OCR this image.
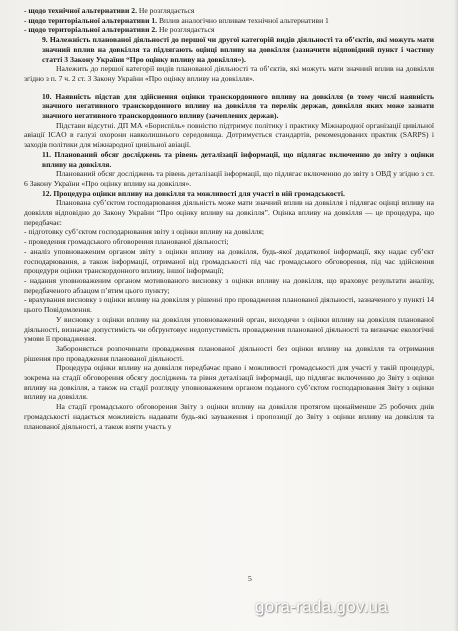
- щодо технічної альтернативи 2. Не розглядається

- щодо територіальної альтернативи 1. Вплив аналогічно впливам технічної альтернативи 1

- щодо територіальної альтернативи 2. Не розглядається

9. Належність планованої діяльності до першої чи другої категорій видів діяльності та об’єктів, які можуть мати значний вплив на довкілля та підлягають оцінці впливу на довкілля (зазначити відповідний пункт і частину статті 3 Закону України “Про оцінку впливу на довкілля»).

Належить до першої категорії видів планованої діяльності та об’єктів, які можуть мати значний вплив на довкілля згідно з п. 7 ч. 2 ст. 3 Закону України «Про оцінку впливу на довкілля».

10. Наявність підстав для здійснення оцінки транскордонного впливу на довкілля (в тому числі наявність значного негативного транскордонного впливу на довкілля та перелік держав, довкілля яких може зазнати значного негативного транскордонного впливу (зачеплених держав).

Підстави відсутні. ДП МА «Бориспіль» повністю підтримує політику і практику Міжнародної організації цивільної авіації ICAO в галузі охорони навколишнього середовища. Дотримується стандартів, рекомендованих практик (SARPS) і заходів політики для міжнародної цивільної авіації.

11. Планований обсяг досліджень та рівень деталізації інформації, що підлягає включенню до звіту з оцінки впливу на довкілля.

Планований обсяг досліджень та рівень деталізації інформації, що підлягає включенню до звіту з ОВД у згідно з ст. 6 Закону України «Про оцінку впливу на довкілля».

12. Процедура оцінки впливу на довкілля та можливості для участі в ній громадськості.

Планована суб’єктом господарювання діяльність може мати значний вплив на довкілля і підлягає оцінці впливу на довкілля відповідно до Закону України “Про оцінку впливу на довкілля”. Оцінка впливу на довкілля — це процедура, що передбачає:

- підготовку суб’єктом господарювання звіту з оцінки впливу на довкілля;

- проведення громадського обговорення планованої діяльності;

- аналіз уповноваженим органом звіту з оцінки впливу на довкілля, будь-якої додаткової інформації, яку надає суб’єкт господарювання, а також інформації, отриманої від громадськості під час громадського обговорення, під час здійснення процедури оцінки транскордонного впливу, іншої інформації;

- надання уповноваженим органом мотивованого висновку з оцінки впливу на довкілля, що враховує результати аналізу, передбаченого абзацом п’ятим цього пункту;

- врахування висновку з оцінки впливу на довкілля у рішенні про провадження планованої діяльності, зазначеного у пункті 14 цього Повідомлення.

У висновку з оцінки впливу на довкілля уповноважений орган, виходячи з оцінки впливу на довкілля планованої діяльності, визначає допустимість чи обґрунтовує недопустимість провадження планованої діяльності та визначає екологічні умови її провадження.

Забороняється розпочинати провадження планованої діяльності без оцінки впливу на довкілля та отримання рішення про провадження планованої діяльності.

Процедура оцінки впливу на довкілля передбачає право і можливості громадськості для участі у такій процедурі, зокрема на стадії обговорення обсягу досліджень та рівня деталізації інформації, що підлягає включенню до Звіту з оцінки впливу на довкілля, а також на стадії розгляду уповноваженим органом поданого суб’єктом господарювання Звіту з оцінки впливу на довкілля.

На стадії громадського обговорення Звіту з оцінки впливу на довкілля протягом щонайменше 25 робочих днів громадськості надається можливість надавати будь-які зауваження і пропозиції до Звіту з оцінки впливу на довкілля та планованої діяльності, а також взяти участь у

5
gora-rada.gov.ua
